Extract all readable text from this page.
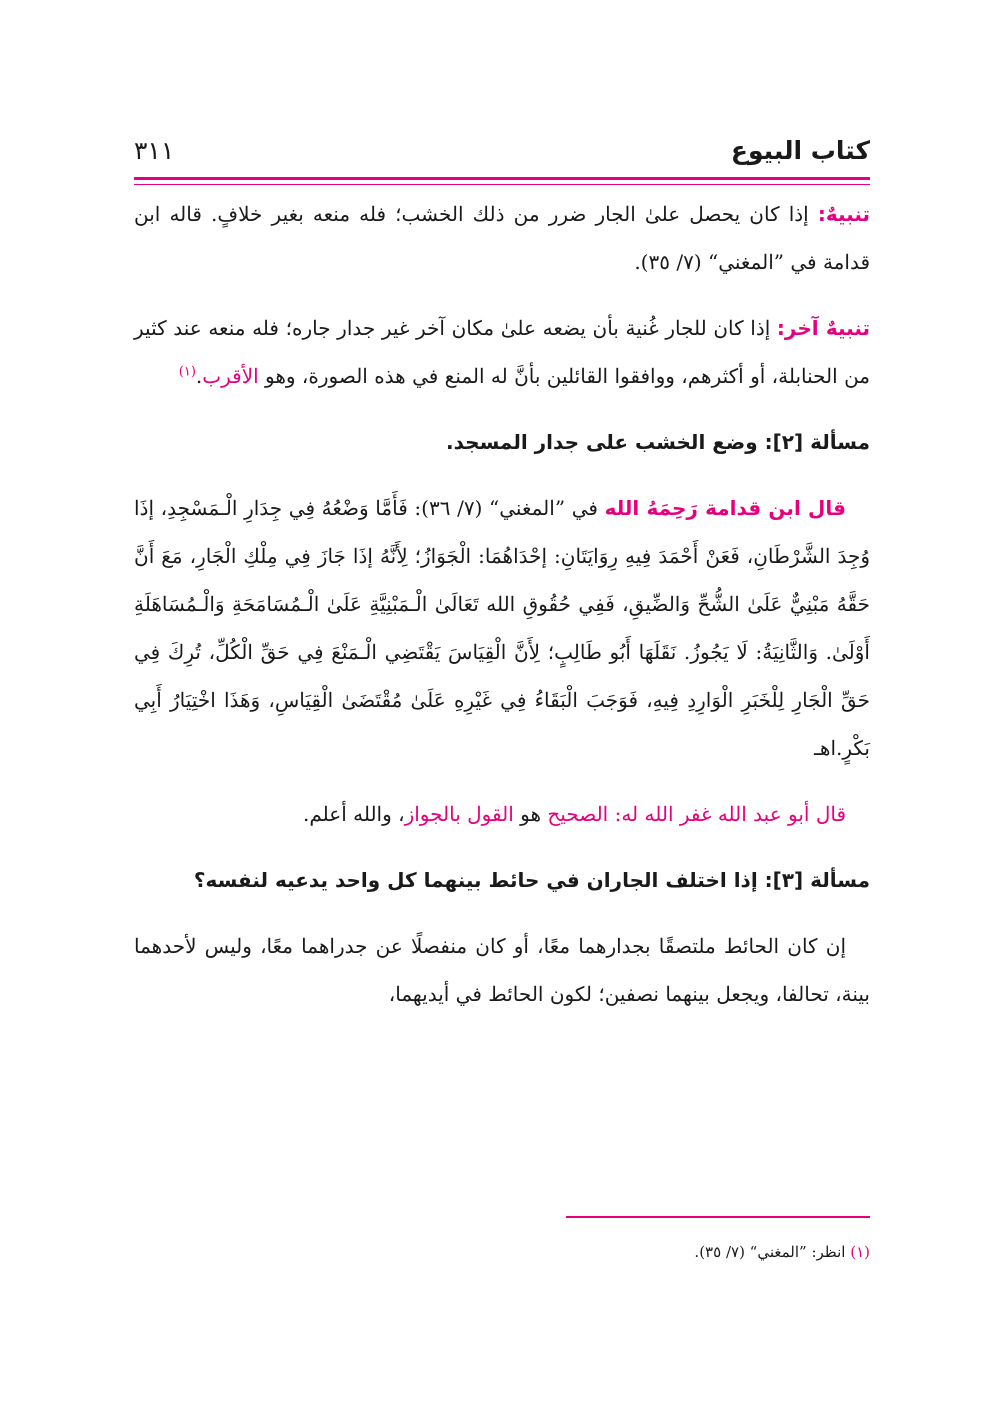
كتاب البيوع
٣١١

تنبيهٌ: إذا كان يحصل علىٰ الجار ضرر من ذلك الخشب؛ فله منعه بغير خلافٍ. قاله ابن قدامة في ”المغني“ (٧/ ٣٥).

تنبيهٌ آخر: إذا كان للجار غُنية بأن يضعه علىٰ مكان آخر غير جدار جاره؛ فله منعه عند كثير من الحنابلة، أو أكثرهم، ووافقوا القائلين بأنَّ له المنع في هذه الصورة، وهو الأقرب.$^{(١)}$

مسألة [٢]: وضع الخشب على جدار المسجد.

قال ابن قدامة رَحِمَهُ الله في ”المغني“ (٧/ ٣٦): فَأَمَّا وَضْعُهُ فِي جِدَارِ الْـمَسْجِدِ، إذَا وُجِدَ الشَّرْطَانِ، فَعَنْ أَحْمَدَ فِيهِ رِوَايَتَانِ: إحْدَاهُمَا: الْجَوَازُ؛ لِأَنَّهُ إذَا جَازَ فِي مِلْكِ الْجَارِ، مَعَ أَنَّ حَقَّهُ مَبْنِيٌّ عَلَىٰ الشُّحِّ وَالضِّيقِ، فَفِي حُقُوقِ الله تَعَالَىٰ الْـمَبْنِيَّةِ عَلَىٰ الْـمُسَامَحَةِ وَالْـمُسَاهَلَةِ أَوْلَىٰ. وَالثَّانِيَةُ: لَا يَجُوزُ. نَقَلَهَا أَبُو طَالِبٍ؛ لِأَنَّ الْقِيَاسَ يَقْتَضِي الْـمَنْعَ فِي حَقِّ الْكُلِّ، تُرِكَ فِي حَقِّ الْجَارِ لِلْخَبَرِ الْوَارِدِ فِيهِ، فَوَجَبَ الْبَقَاءُ فِي غَيْرِهِ عَلَىٰ مُقْتَضَىٰ الْقِيَاسِ، وَهَذَا اخْتِيَارُ أَبِي بَكْرٍ.اهـ

قال أبو عبد الله غفر الله له: الصحيح هو القول بالجواز، والله أعلم.

مسألة [٣]: إذا اختلف الجاران في حائط بينهما كل واحد يدعيه لنفسه؟

إن كان الحائط ملتصقًا بجدارهما معًا، أو كان منفصلًا عن جدراهما معًا، وليس لأحدهما بينة، تحالفا، ويجعل بينهما نصفين؛ لكون الحائط في أيديهما،

(١) انظر: ”المغني“ (٧/ ٣٥).
